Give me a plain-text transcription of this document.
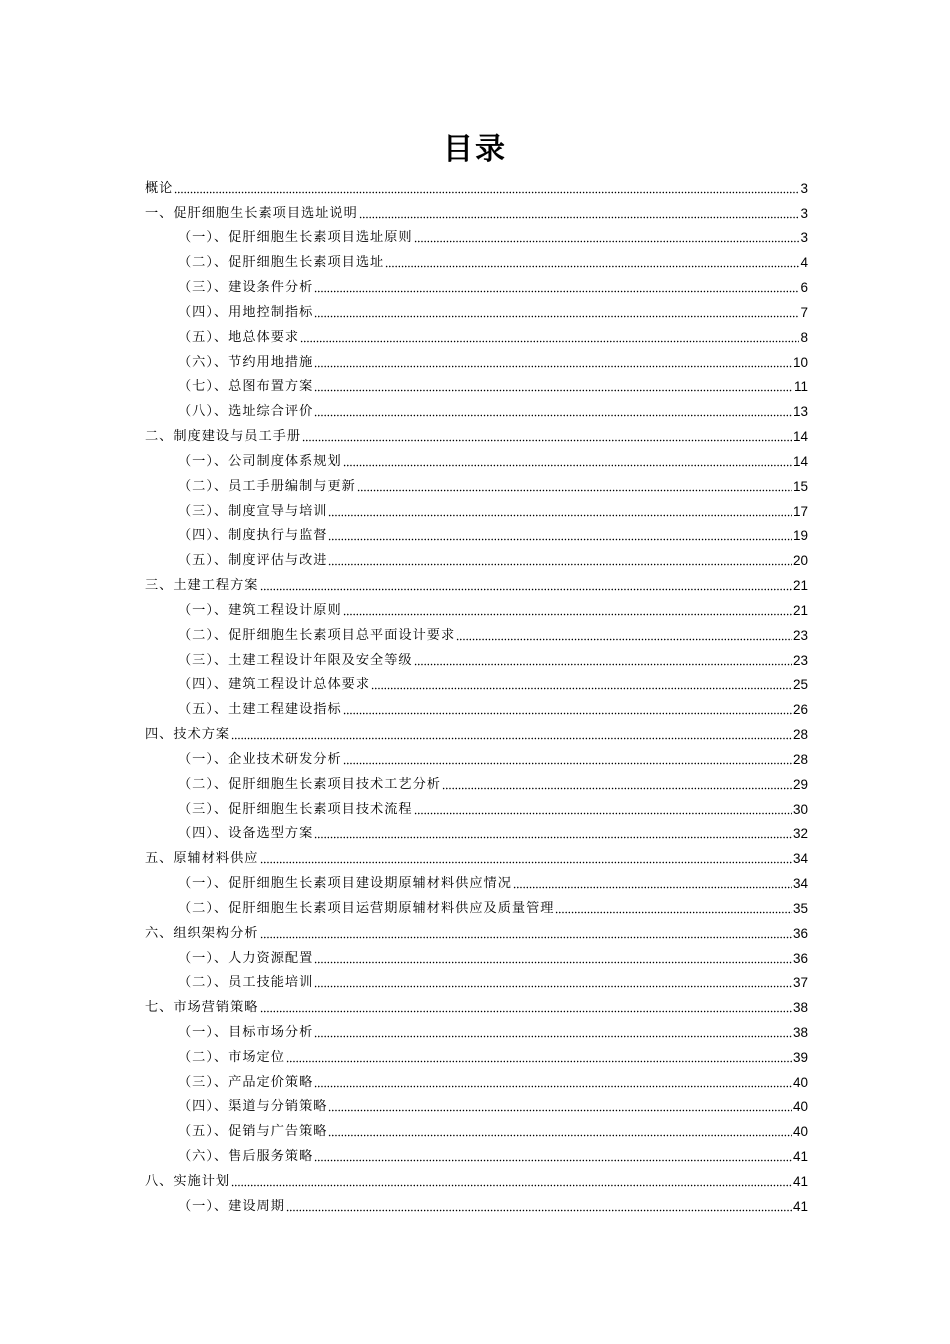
目录
概论	3
一、促肝细胞生长素项目选址说明	3
（一）、促肝细胞生长素项目选址原则	3
（二）、促肝细胞生长素项目选址	4
（三）、建设条件分析	6
（四）、用地控制指标	7
（五）、地总体要求	8
（六）、节约用地措施	10
（七）、总图布置方案	11
（八）、选址综合评价	13
二、制度建设与员工手册	14
（一）、公司制度体系规划	14
（二）、员工手册编制与更新	15
（三）、制度宣导与培训	17
（四）、制度执行与监督	19
（五）、制度评估与改进	20
三、土建工程方案	21
（一）、建筑工程设计原则	21
（二）、促肝细胞生长素项目总平面设计要求	23
（三）、土建工程设计年限及安全等级	23
（四）、建筑工程设计总体要求	25
（五）、土建工程建设指标	26
四、技术方案	28
（一）、企业技术研发分析	28
（二）、促肝细胞生长素项目技术工艺分析	29
（三）、促肝细胞生长素项目技术流程	30
（四）、设备选型方案	32
五、原辅材料供应	34
（一）、促肝细胞生长素项目建设期原辅材料供应情况	34
（二）、促肝细胞生长素项目运营期原辅材料供应及质量管理	35
六、组织架构分析	36
（一）、人力资源配置	36
（二）、员工技能培训	37
七、市场营销策略	38
（一）、目标市场分析	38
（二）、市场定位	39
（三）、产品定价策略	40
（四）、渠道与分销策略	40
（五）、促销与广告策略	40
（六）、售后服务策略	41
八、实施计划	41
（一）、建设周期	41
